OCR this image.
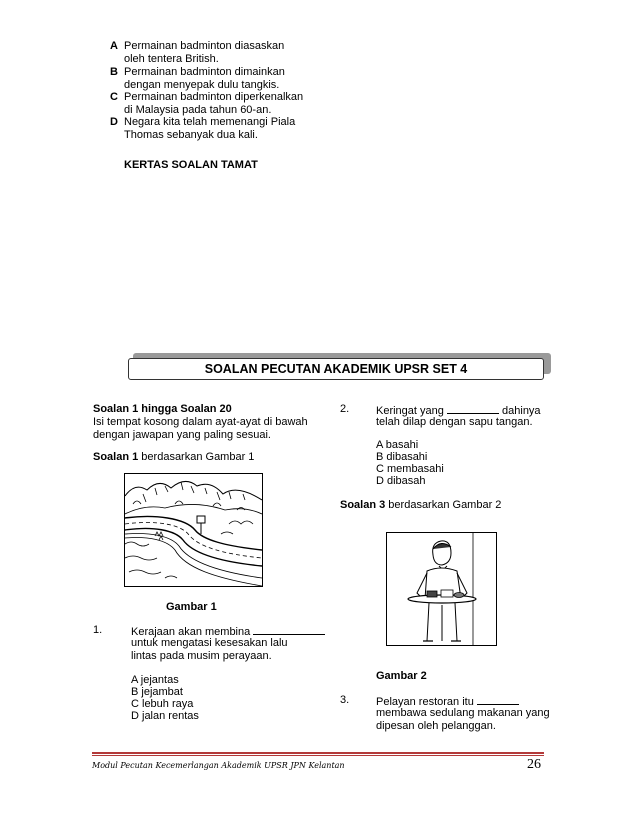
A Permainan badminton diasaskan
oleh tentera British.
B Permainan badminton dimainkan
dengan menyepak dulu tangkis.
C Permainan badminton diperkenalkan
di Malaysia pada tahun 60-an.
D Negara kita telah memenangi Piala
Thomas sebanyak dua kali.
KERTAS SOALAN TAMAT
SOALAN PECUTAN AKADEMIK UPSR SET 4
Soalan 1 hingga Soalan 20
Isi tempat kosong dalam ayat-ayat di bawah
dengan jawapan yang paling sesuai.
Soalan 1 berdasarkan Gambar 1
Gambar 1
1.	Kerajaan akan membina
untuk mengatasi kesesakan lalu
lintas pada musim perayaan.
A jejantas
B jejambat
C lebuh raya
D jalan rentas
2. Keringat yang	dahinya
telah dilap dengan sapu tangan.
A basahi
B dibasahi
C membasahi
D dibasah
Soalan 3 berdasarkan Gambar 2
Gambar 2
3. Pelayan restoran itu
membawa sedulang makanan yang
dipesan oleh pelanggan.
Modul Pecutan Kecemerlangan Akademik UPSR JPN Kelantan	26
